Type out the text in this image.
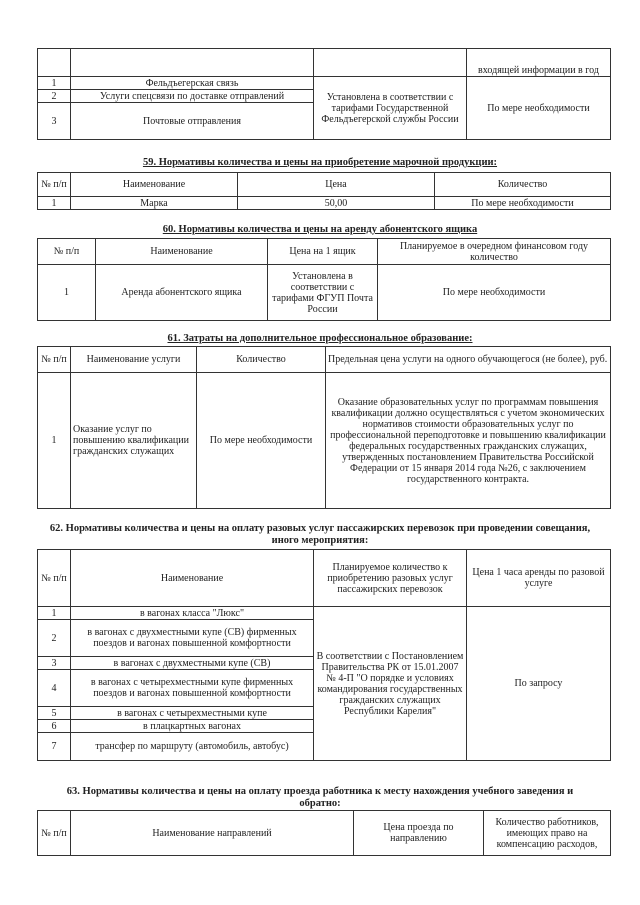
			входящей информации в год
1	Фельдъегерская связь	Установлена в соответствии с тарифами Государственной Фельдъегерской службы России	По мере необходимости
2	Услуги спецсвязи по доставке отправлений		
3	Почтовые отправления		
59. Нормативы количества и цены на приобретение марочной продукции:
№ п/п	Наименование	Цена	Количество
1	Марка	50,00	По мере необходимости
60. Нормативы количества и цены на аренду абонентского ящика
№ п/п	Наименование	Цена на 1 ящик	Планируемое в очередном финансовом году количество
1	Аренда абонентского ящика	Установлена в соответствии с тарифами ФГУП Почта России	По мере необходимости
61. Затраты на дополнительное профессиональное образование:
№ п/п	Наименование услуги	Количество	Предельная цена услуги на одного обучающегося (не более), руб.
1	Оказание услуг по повышению квалификации гражданских служащих	По мере необходимости	Оказание образовательных услуг по программам повышения квалификации должно осуществляться с учетом экономических нормативов стоимости образовательных услуг по профессиональной переподготовке и повышению квалификации федеральных государственных гражданских служащих, утвержденных постановлением Правительства Российской Федерации от 15 января 2014 года №26, с заключением государственного контракта.
62. Нормативы количества и цены на оплату разовых услуг пассажирских перевозок при проведении совещания, иного мероприятия:
№ п/п	Наименование	Планируемое количество к приобретению разовых услуг пассажирских перевозок	Цена 1 часа аренды по разовой услуге
1	в вагонах класса "Люкс"	В соответствии с Постановлением Правительства РК от 15.01.2007 № 4-П "О порядке и условиях командирования государственных гражданских служащих Республики Карелия"	По запросу
2	в вагонах с двухместными купе (СВ) фирменных поездов и вагонах повышенной комфортности		
3	в вагонах с двухместными купе (СВ)		
4	в вагонах с четырехместными купе фирменных поездов и вагонах повышенной комфортности		
5	в вагонах с четырехместными купе		
6	в плацкартных вагонах		
7	трансфер по маршруту (автомобиль, автобус)		
63. Нормативы количества и цены на оплату проезда работника к месту нахождения учебного заведения и обратно:
№ п/п	Наименование направлений	Цена проезда по направлению	Количество работников, имеющих право на компенсацию расходов,
